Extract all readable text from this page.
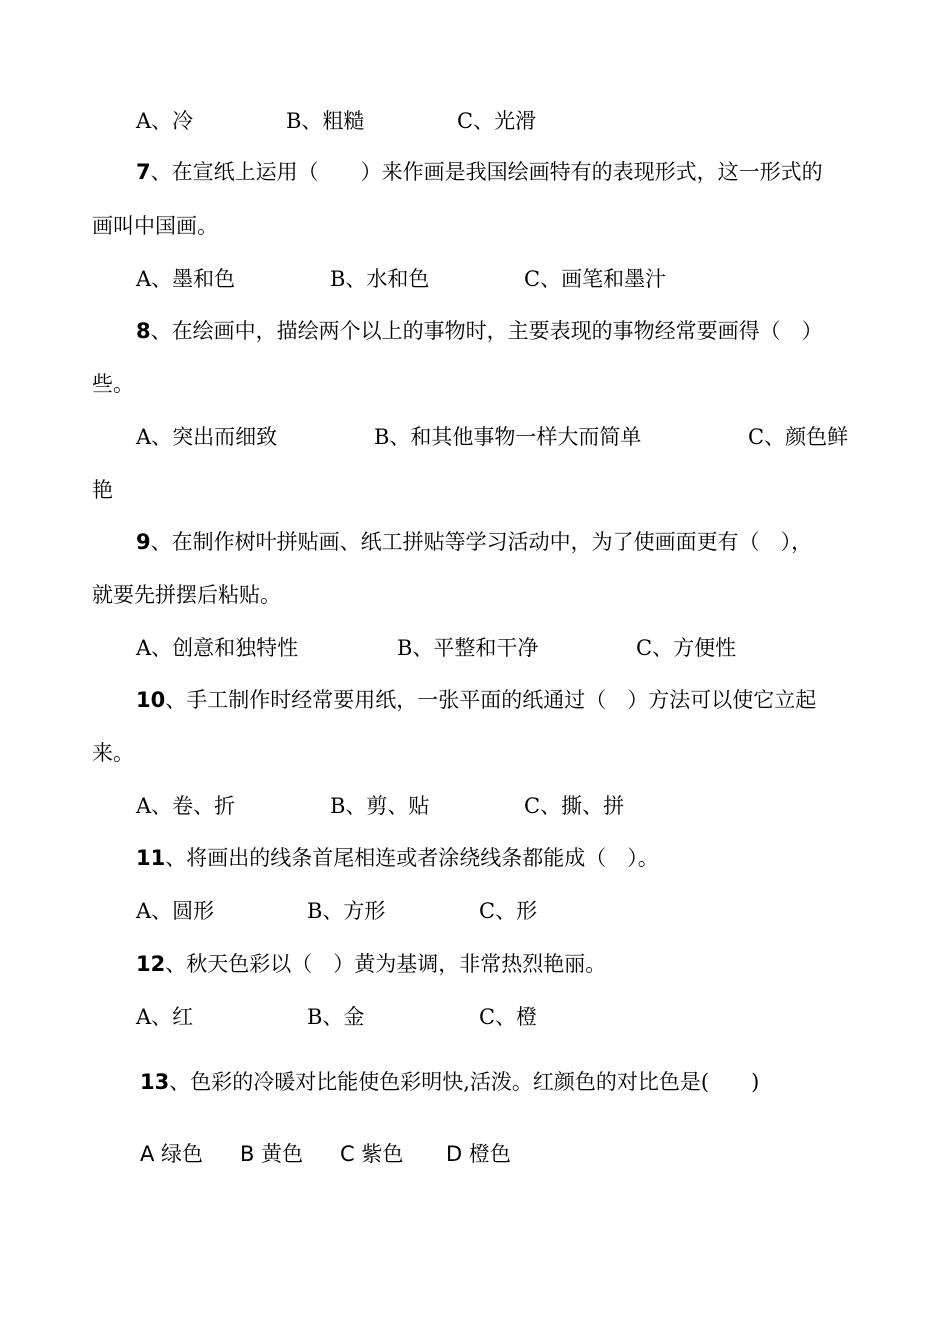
A、冷	B、粗糙	C、光滑
7、在宣纸上运用（　　）来作画是我国绘画特有的表现形式，这一形式的
画叫中国画。
A、墨和色	B、水和色	C、画笔和墨汁
8、在绘画中，描绘两个以上的事物时，主要表现的事物经常要画得（　）
些。
A、突出而细致	B、和其他事物一样大而简单	C、颜色鲜
艳
9、在制作树叶拼贴画、纸工拼贴等学习活动中，为了使画面更有（　），
就要先拼摆后粘贴。
A、创意和独特性	B、平整和干净	C、方便性
10、手工制作时经常要用纸，一张平面的纸通过（　）方法可以使它立起
来。
A、卷、折	B、剪、贴	C、撕、拼
11、将画出的线条首尾相连或者涂绕线条都能成（　）。
A、圆形	B、方形	C、形
12、秋天色彩以（　）黄为基调，非常热烈艳丽。
A、红	B、金	C、橙
13、色彩的冷暖对比能使色彩明快,活泼。红颜色的对比色是(　　)
A 绿色 B 黄色 C 紫色 D 橙色
